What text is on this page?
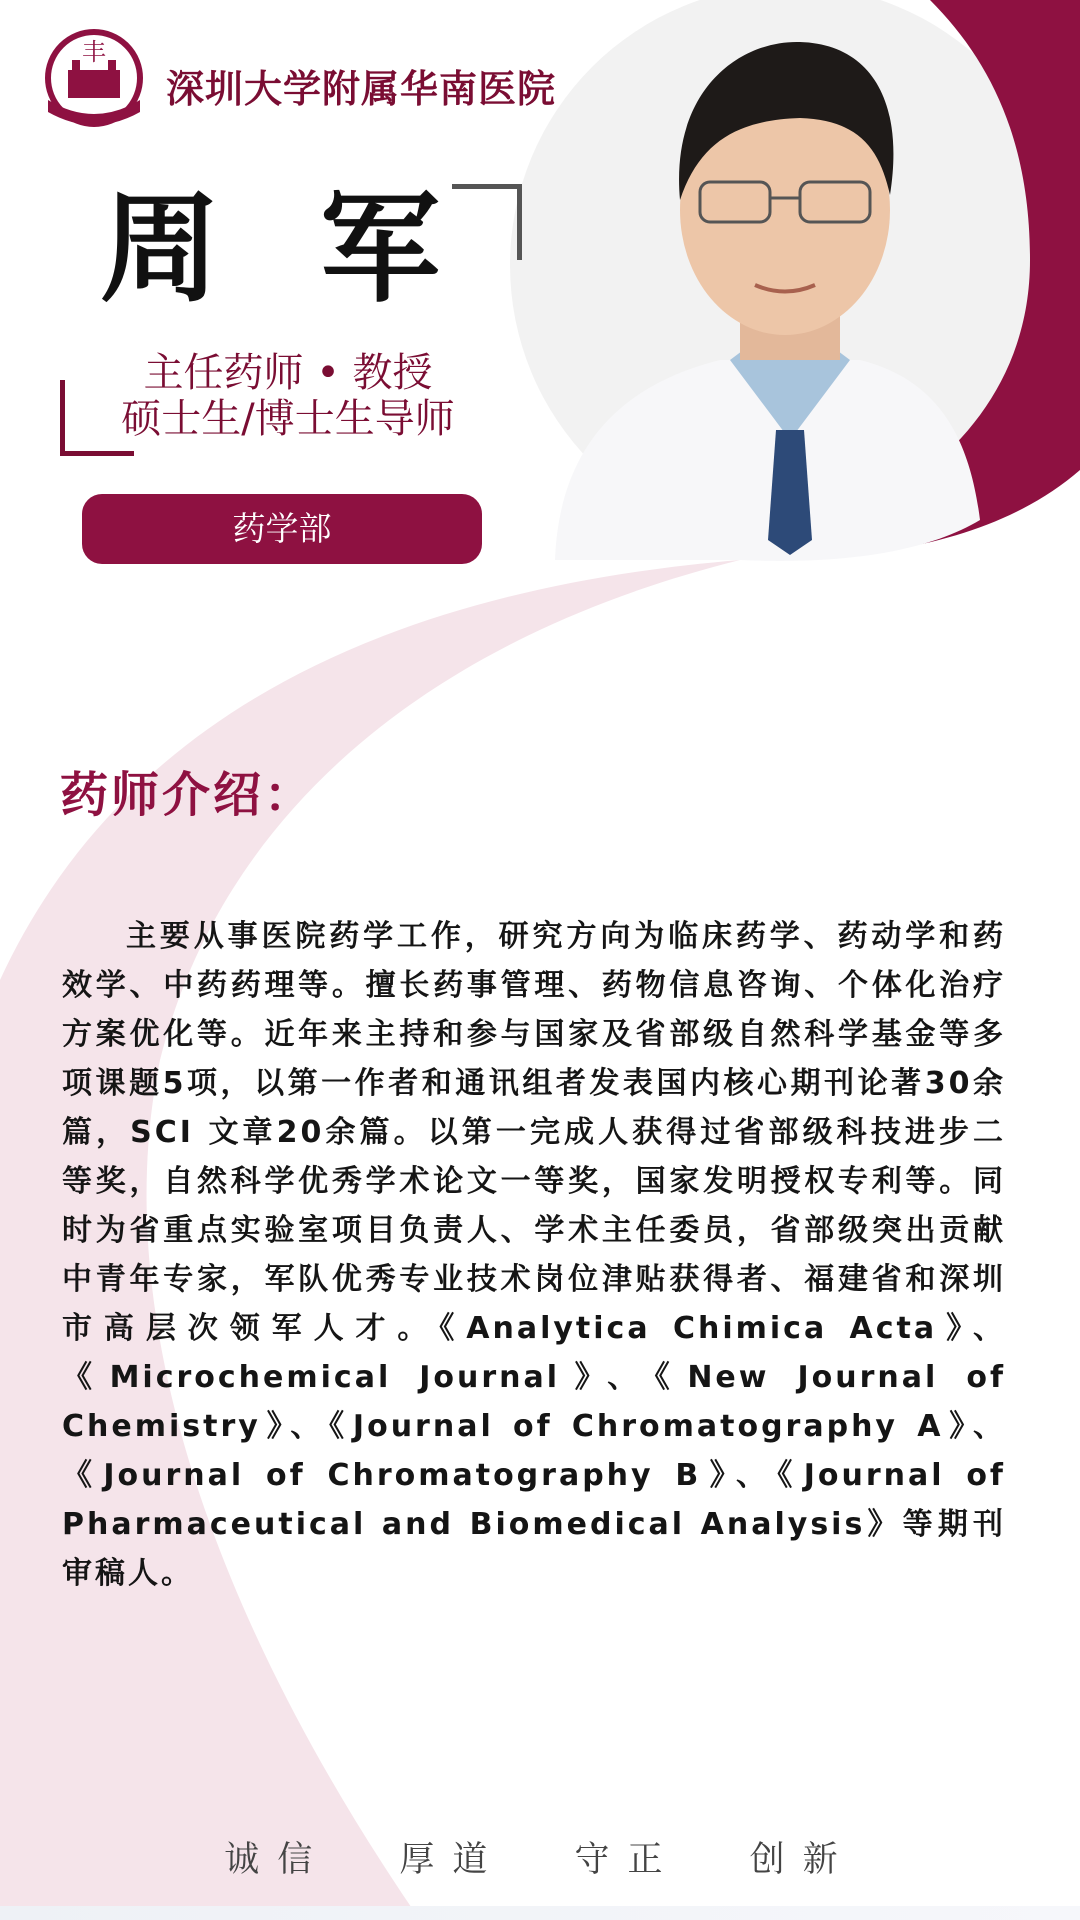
丰
深圳大学附属华南医院
周军
主任药师 • 教授
硕士生/博士生导师
药学部
药师介绍：
主要从事医院药学工作，研究方向为临床药学、药动学和药效学、中药药理等。擅长药事管理、药物信息咨询、个体化治疗方案优化等。近年来主持和参与国家及省部级自然科学基金等多项课题5项，以第一作者和通讯组者发表国内核心期刊论著30余篇，SCI 文章20余篇。以第一完成人获得过省部级科技进步二等奖，自然科学优秀学术论文一等奖，国家发明授权专利等。同时为省重点实验室项目负责人、学术主任委员，省部级突出贡献中青年专家，军队优秀专业技术岗位津贴获得者、福建省和深圳市高层次领军人才。《Analytica Chimica Acta》、《Microchemical Journal》、《New Journal of Chemistry》、《Journal of Chromatography A》、《Journal of Chromatography B》、《Journal of Pharmaceutical and Biomedical Analysis》等期刊审稿人。
诚信 厚道 守正 创新
